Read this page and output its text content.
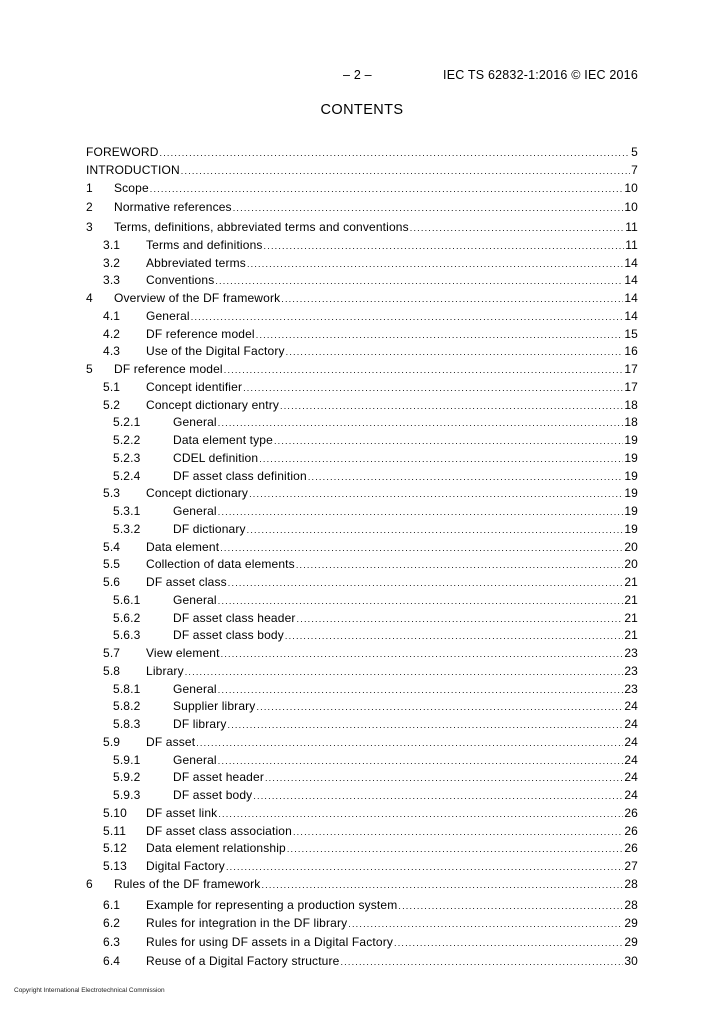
– 2 –	IEC TS 62832-1:2016 © IEC 2016
CONTENTS
FOREWORD .....	5
INTRODUCTION .....	7
1	Scope .....	10
2	Normative references .....	10
3	Terms, definitions, abbreviated terms and conventions .....	11
3.1	Terms and definitions .....	11
3.2	Abbreviated terms .....	14
3.3	Conventions .....	14
4	Overview of the DF framework .....	14
4.1	General .....	14
4.2	DF reference model .....	15
4.3	Use of the Digital Factory .....	16
5	DF reference model .....	17
5.1	Concept identifier .....	17
5.2	Concept dictionary entry .....	18
5.2.1	General .....	18
5.2.2	Data element type .....	19
5.2.3	CDEL definition .....	19
5.2.4	DF asset class definition .....	19
5.3	Concept dictionary .....	19
5.3.1	General .....	19
5.3.2	DF dictionary .....	19
5.4	Data element .....	20
5.5	Collection of data elements .....	20
5.6	DF asset class .....	21
5.6.1	General .....	21
5.6.2	DF asset class header .....	21
5.6.3	DF asset class body .....	21
5.7	View element .....	23
5.8	Library .....	23
5.8.1	General .....	23
5.8.2	Supplier library .....	24
5.8.3	DF library .....	24
5.9	DF asset .....	24
5.9.1	General .....	24
5.9.2	DF asset header .....	24
5.9.3	DF asset body .....	24
5.10	DF asset link .....	26
5.11	DF asset class association .....	26
5.12	Data element relationship .....	26
5.13	Digital Factory .....	27
6	Rules of the DF framework .....	28
6.1	Example for representing a production system .....	28
6.2	Rules for integration in the DF library .....	29
6.3	Rules for using DF assets in a Digital Factory .....	29
6.4	Reuse of a Digital Factory structure .....	30
Copyright International Electrotechnical Commission
